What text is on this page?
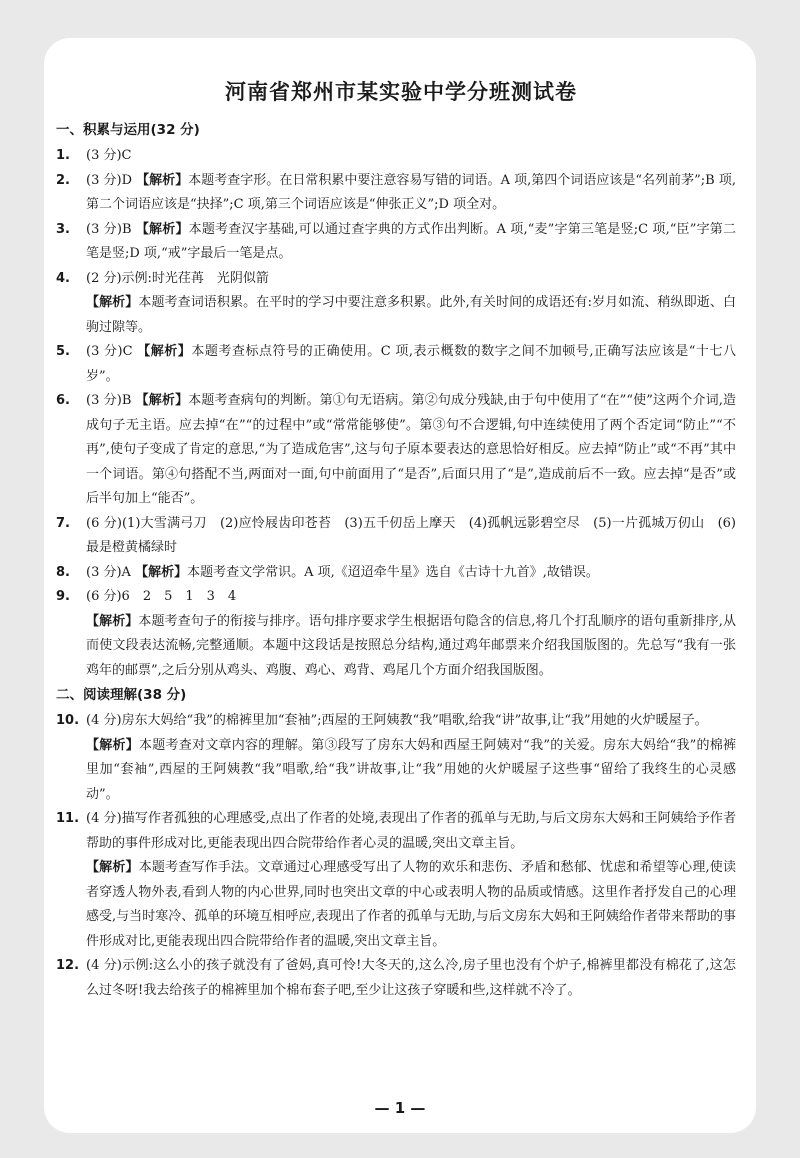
河南省郑州市某实验中学分班测试卷
一、积累与运用(32 分)
1. (3 分)C
2. (3 分)D 【解析】本题考查字形。在日常积累中要注意容易写错的词语。A 项,第四个词语应该是“名列前茅”;B 项,第二个词语应该是“抉择”;C 项,第三个词语应该是“伸张正义”;D 项全对。
3. (3 分)B 【解析】本题考查汉字基础,可以通过查字典的方式作出判断。A 项,“麦”字第三笔是竖;C 项,“臣”字第二笔是竖;D 项,“戒”字最后一笔是点。
4. (2 分)示例:时光荏苒　光阴似箭
【解析】本题考查词语积累。在平时的学习中要注意多积累。此外,有关时间的成语还有:岁月如流、稍纵即逝、白驹过隙等。
5. (3 分)C 【解析】本题考查标点符号的正确使用。C 项,表示概数的数字之间不加顿号,正确写法应该是“十七八岁”。
6. (3 分)B 【解析】本题考查病句的判断。第①句无语病。第②句成分残缺,由于句中使用了“在”“使”这两个介词,造成句子无主语。应去掉“在”“的过程中”或“常常能够使”。第③句不合逻辑,句中连续使用了两个否定词“防止”“不再”,使句子变成了肯定的意思,“为了造成危害”,这与句子原本要表达的意思恰好相反。应去掉“防止”或“不再”其中一个词语。第④句搭配不当,两面对一面,句中前面用了“是否”,后面只用了“是”,造成前后不一致。应去掉“是否”或后半句加上“能否”。
7. (6 分)(1)大雪满弓刀　(2)应怜屐齿印苍苔　(3)五千仞岳上摩天　(4)孤帆远影碧空尽　(5)一片孤城万仞山　(6)最是橙黄橘绿时
8. (3 分)A 【解析】本题考查文学常识。A 项,《迢迢牵牛星》选自《古诗十九首》,故错误。
9. (6 分)6　2　5　1　3　4
【解析】本题考查句子的衔接与排序。语句排序要求学生根据语句隐含的信息,将几个打乱顺序的语句重新排序,从而使文段表达流畅,完整通顺。本题中这段话是按照总分结构,通过鸡年邮票来介绍我国版图的。先总写“我有一张鸡年的邮票”,之后分别从鸡头、鸡腹、鸡心、鸡背、鸡尾几个方面介绍我国版图。
二、阅读理解(38 分)
10. (4 分)房东大妈给“我”的棉裤里加“套袖”;西屋的王阿姨教“我”唱歌,给我“讲”故事,让“我”用她的火炉暖屋子。
【解析】本题考查对文章内容的理解。第③段写了房东大妈和西屋王阿姨对“我”的关爱。房东大妈给“我”的棉裤里加“套袖”,西屋的王阿姨教“我”唱歌,给“我”讲故事,让“我”用她的火炉暖屋子这些事“留给了我终生的心灵感动”。
11. (4 分)描写作者孤独的心理感受,点出了作者的处境,表现出了作者的孤单与无助,与后文房东大妈和王阿姨给予作者帮助的事件形成对比,更能表现出四合院带给作者心灵的温暖,突出文章主旨。
【解析】本题考查写作手法。文章通过心理感受写出了人物的欢乐和悲伤、矛盾和愁郁、忧虑和希望等心理,使读者穿透人物外表,看到人物的内心世界,同时也突出文章的中心或表明人物的品质或情感。这里作者抒发自己的心理感受,与当时寒冷、孤单的环境互相呼应,表现出了作者的孤单与无助,与后文房东大妈和王阿姨给作者带来帮助的事件形成对比,更能表现出四合院带给作者的温暖,突出文章主旨。
12. (4 分)示例:这么小的孩子就没有了爸妈,真可怜!大冬天的,这么冷,房子里也没有个炉子,棉裤里都没有棉花了,这怎么过冬呀!我去给孩子的棉裤里加个棉布套子吧,至少让这孩子穿暖和些,这样就不冷了。
— 1 —
